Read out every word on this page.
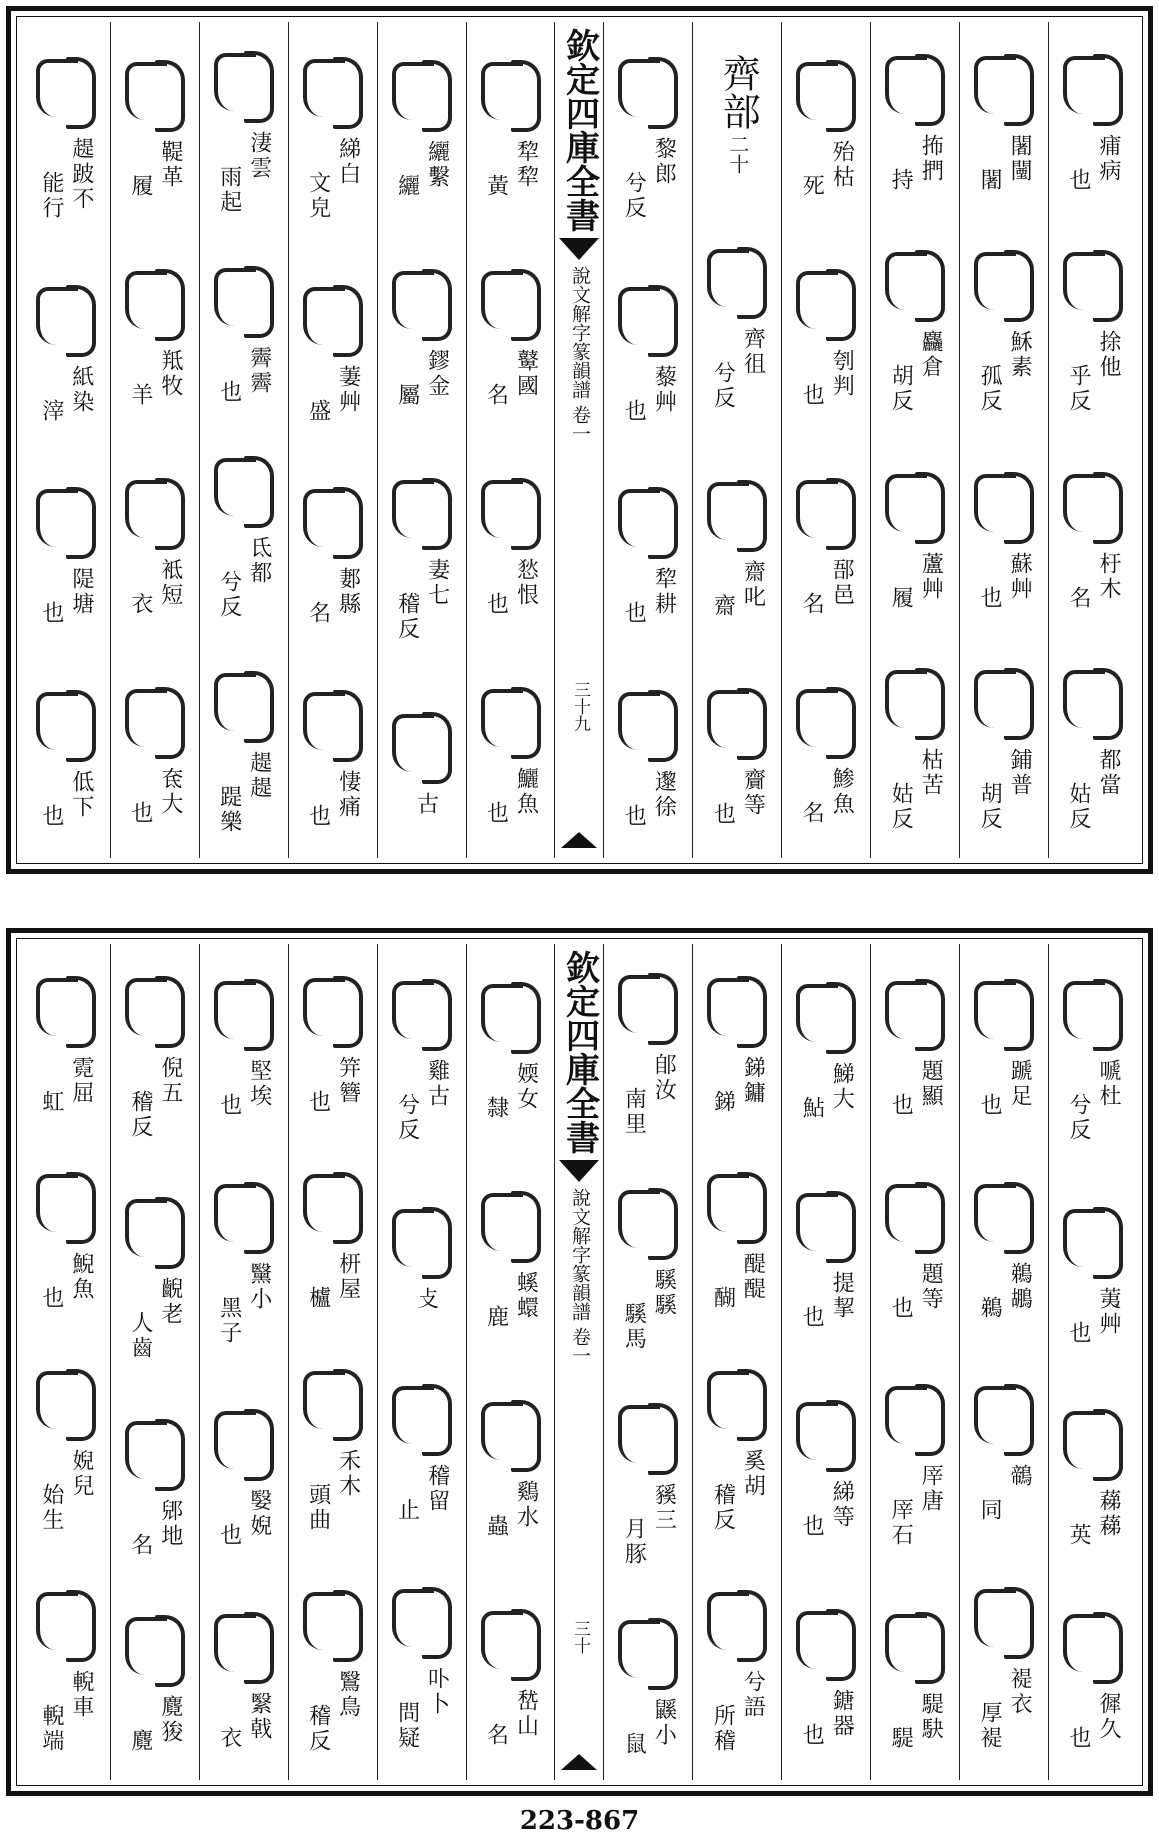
痡病
也
捈他
乎反
杅木
名
都當
姑反
闍闉
闍
穌素
孤反
蘇艸
也
鋪普
胡反
抪捫
持
麤倉
胡反
蘆艸
履
枯苦
姑反
殆枯
死
刳判
也
郚邑
名
鯵魚
名
齊部
二十
齊徂
兮反
齋叱
齋
齎等
也
黎郎
兮反
藜艸
也
犂耕
也
邌徐
也
欽定四庫全書
說文解字篆韻譜
卷一
三十九
犂犂
黃
鼙國
名
悐恨
也
鱺魚
也
纚繫
纚
鏐金
屬
妻七
稽反
古
綈白
文皃
萋艸
盛
郪縣
名
悽痛
也
淒雲
雨起
霽霽
也
氐都
兮反
趧趧
踶樂
鞮革
履
羝牧
羊
袛短
衣
奃大
也
趧跛不
能行
紙染
滓
隄塘
也
低下
也
嗁杜
兮反
荑艸
也
蕛蕛
英
徲久
也
蹏足
也
鵜鶘
鵜
鶙
同
褆衣
厚褆
題顯
也
題等
也
厗唐
厗石
騠駃
騠
鮷大
鮎
提挈
也
綈等
也
鎕器
也
銻鏞
銻
醍醍
醐
奚胡
稽反
兮語
所稽
郋汝
南里
騱騱
騱馬
豯三
月豚
鼷小
鼠
欽定四庫全書
說文解字篆韻譜
卷一
三十
媆女
隸
螇蠉
鹿
鷄水
蟲
嵆山
名
雞古
兮反
攴
稽留
止
卟卜
問疑
笄簪
也
枅屋
櫨
禾木
頭曲
鷖鳥
稽反
堅埃
也
黳小
黑子
嫛婗
也
繄戟
衣
倪五
稽反
齯老
人齒
郳地
名
麑狻
麑
霓屈
虹
鯢魚
也
婗兒
始生
輗車
輗端
223-867
